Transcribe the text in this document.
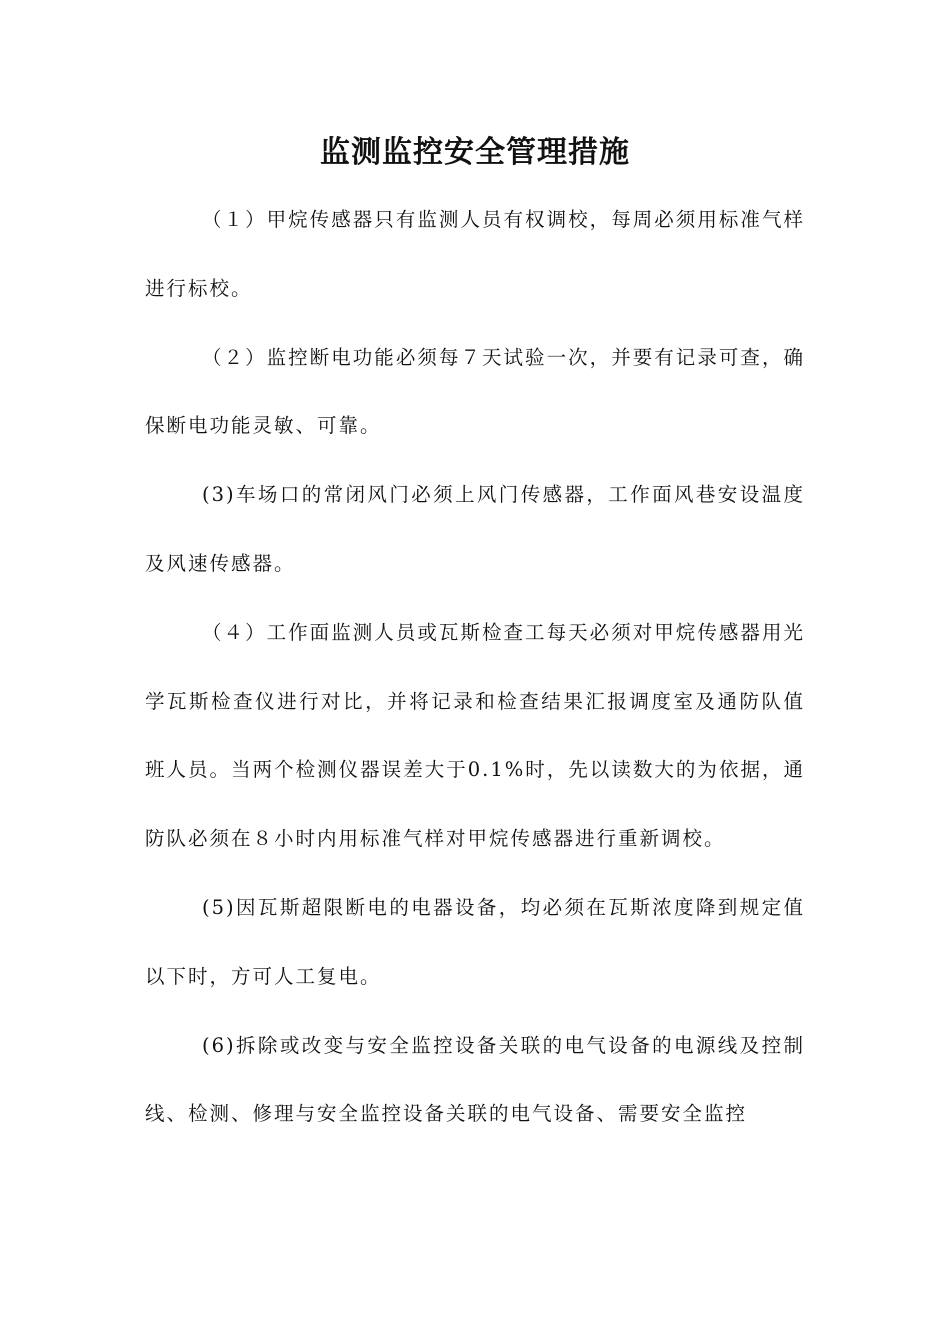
监测监控安全管理措施

（１）甲烷传感器只有监测人员有权调校，每周必须用标准气样进行标校。

（２）监控断电功能必须每７天试验一次，并要有记录可查，确保断电功能灵敏、可靠。

(3)车场口的常闭风门必须上风门传感器，工作面风巷安设温度及风速传感器。

（４）工作面监测人员或瓦斯检查工每天必须对甲烷传感器用光学瓦斯检查仪进行对比，并将记录和检查结果汇报调度室及通防队值班人员。当两个检测仪器误差大于0.1%时，先以读数大的为依据，通防队必须在８小时内用标准气样对甲烷传感器进行重新调校。

(5)因瓦斯超限断电的电器设备，均必须在瓦斯浓度降到规定值以下时，方可人工复电。

(6)拆除或改变与安全监控设备关联的电气设备的电源线及控制线、检测、修理与安全监控设备关联的电气设备、需要安全监控
